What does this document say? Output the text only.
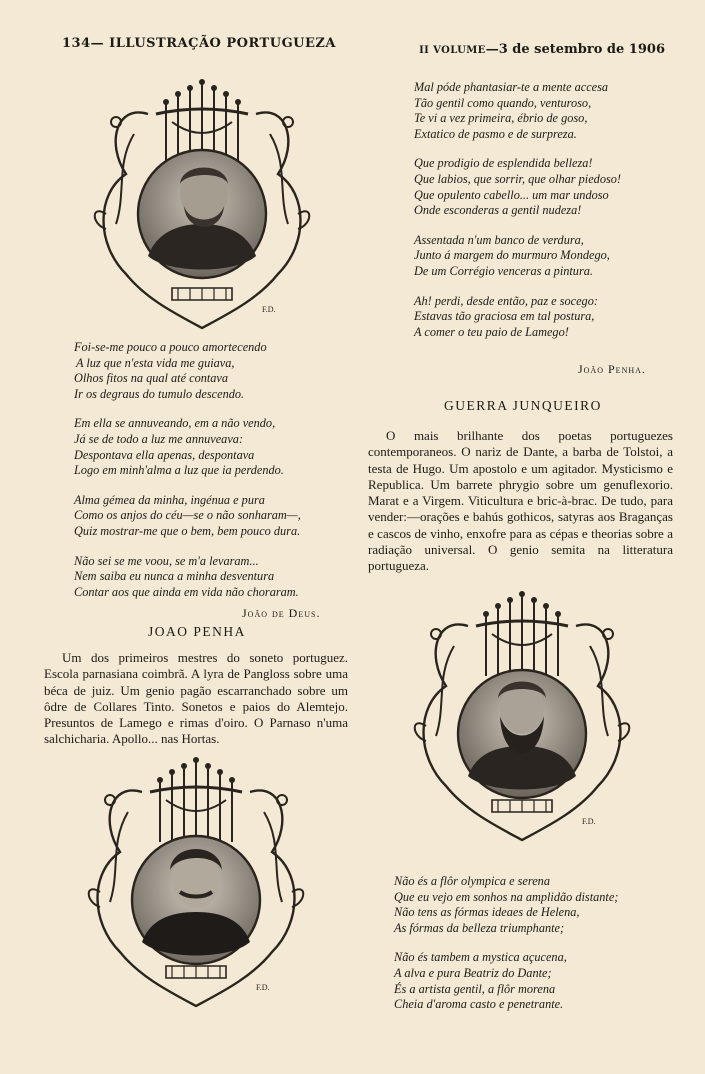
134— ILLUSTRAÇÃO PORTUGUEZA	II VOLUME—3 de setembro de 1906
F.D.

Foi-se-me pouco a pouco amortecendo

A luz que n'esta vida me guiava,

Olhos fitos na qual até contava

Ir os degraus do tumulo descendo.

Em ella se annuveando, em a não vendo,

Já se de todo a luz me annuveava:

Despontava ella apenas, despontava

Logo em minh'alma a luz que ia perdendo.

Alma gémea da minha, ingénua e pura

Como os anjos do céu—se o não sonharam—,

Quiz mostrar-me que o bem, bem pouco dura.

Não sei se me voou, se m'a levaram...

Nem saiba eu nunca a minha desventura

Contar aos que ainda em vida não choraram.

João de Deus.
JOAO PENHA

Um dos primeiros mestres do soneto portuguez. Escola parnasiana coimbrã. A lyra de Pangloss sobre uma béca de juiz. Um genio pagão escarranchado sobre um ôdre de Collares Tinto. Sonetos e paios do Alemtejo. Presuntos de Lamego e rimas d'oiro. O Parnaso n'uma salchicharia. Apollo... nas Hortas.

F.D.

Mal póde phantasiar-te a mente accesa

Tão gentil como quando, venturoso,

Te vi a vez primeira, ébrio de goso,

Extatico de pasmo e de surpreza.

Que prodigio de esplendida belleza!

Que labios, que sorrir, que olhar piedoso!

Que opulento cabello... um mar undoso

Onde esconderas a gentil nudeza!

Assentada n'um banco de verdura,

Junto á margem do murmuro Mondego,

De um Corrégio venceras a pintura.

Ah! perdi, desde então, paz e socego:

Estavas tão graciosa em tal postura,

A comer o teu paio de Lamego!

João Penha.
GUERRA JUNQUEIRO

O mais brilhante dos poetas portuguezes contemporaneos. O nariz de Dante, a barba de Tolstoi, a testa de Hugo. Um apostolo e um agitador. Mysticismo e Republica. Um barrete phrygio sobre um genuflexorio. Marat e a Virgem. Viticultura e bric-à-brac. De tudo, para vender:—orações e bahús gothicos, satyras aos Braganças e cascos de vinho, enxofre para as cépas e theorias sobre a radiação universal. O genio semita na litteratura portugueza.

F.D.

Não és a flôr olympica e serena

Que eu vejo em sonhos na amplidão distante;

Não tens as fórmas ideaes de Helena,

As fórmas da belleza triumphante;

Não és tambem a mystica açucena,

A alva e pura Beatriz do Dante;

És a artista gentil, a flôr morena

Cheia d'aroma casto e penetrante.
